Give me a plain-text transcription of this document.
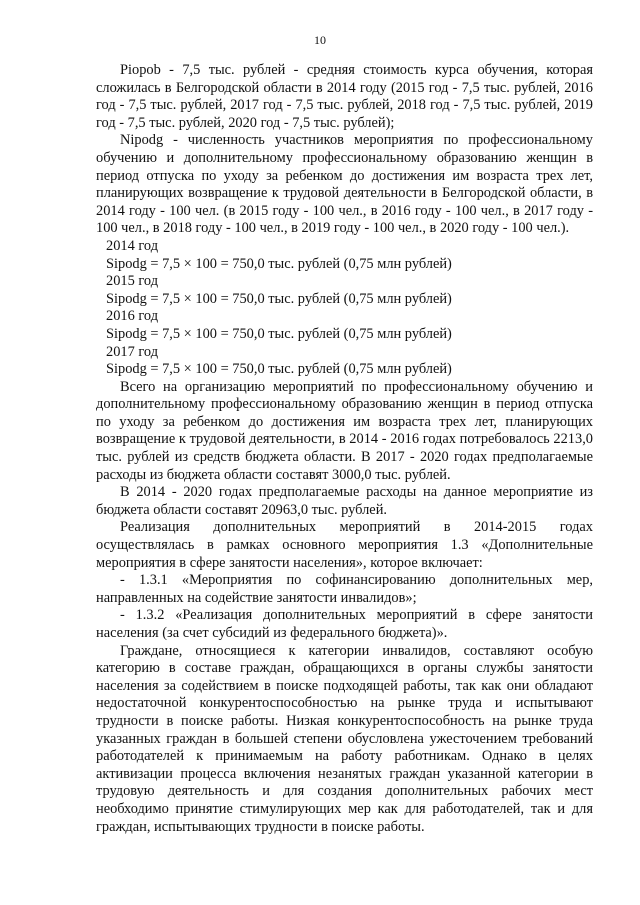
10

Piopob - 7,5 тыс. рублей - средняя стоимость курса обучения, которая сложилась в Белгородской области в 2014 году (2015 год - 7,5 тыс. рублей, 2016 год - 7,5 тыс. рублей, 2017 год - 7,5 тыс. рублей, 2018 год - 7,5 тыс. рублей, 2019 год - 7,5 тыс. рублей, 2020 год - 7,5 тыс. рублей);

Nipodg - численность участников мероприятия по профессиональному обучению и дополнительному профессиональному образованию женщин в период отпуска по уходу за ребенком до достижения им возраста трех лет, планирующих возвращение к трудовой деятельности в Белгородской области, в 2014 году - 100 чел. (в 2015 году - 100 чел., в 2016 году - 100 чел., в 2017 году - 100 чел., в 2018 году - 100 чел., в 2019 году - 100 чел., в 2020 году - 100 чел.).

2014 год
Sipodg = 7,5 × 100 = 750,0 тыс. рублей (0,75 млн рублей)
2015 год
Sipodg = 7,5 × 100 = 750,0 тыс. рублей (0,75 млн рублей)
2016 год
Sipodg = 7,5 × 100 = 750,0 тыс. рублей (0,75 млн рублей)
2017 год
Sipodg = 7,5 × 100 = 750,0 тыс. рублей (0,75 млн рублей)

Всего на организацию мероприятий по профессиональному обучению и дополнительному профессиональному образованию женщин в период отпуска по уходу за ребенком до достижения им возраста трех лет, планирующих возвращение к трудовой деятельности, в 2014 - 2016 годах потребовалось 2213,0 тыс. рублей из средств бюджета области. В 2017 - 2020 годах предполагаемые расходы из бюджета области составят 3000,0 тыс. рублей.

В 2014 - 2020 годах предполагаемые расходы на данное мероприятие из бюджета области составят 20963,0 тыс. рублей.

Реализация дополнительных мероприятий в 2014-2015 годах осуществлялась в рамках основного мероприятия 1.3 «Дополнительные мероприятия в сфере занятости населения», которое включает:

- 1.3.1 «Мероприятия по софинансированию дополнительных мер, направленных на содействие занятости инвалидов»;

- 1.3.2 «Реализация дополнительных мероприятий в сфере занятости населения (за счет субсидий из федерального бюджета)».

Граждане, относящиеся к категории инвалидов, составляют особую категорию в составе граждан, обращающихся в органы службы занятости населения за содействием в поиске подходящей работы, так как они обладают недостаточной конкурентоспособностью на рынке труда и испытывают трудности в поиске работы. Низкая конкурентоспособность на рынке труда указанных граждан в большей степени обусловлена ужесточением требований работодателей к принимаемым на работу работникам. Однако в целях активизации процесса включения незанятых граждан указанной категории в трудовую деятельность и для создания дополнительных рабочих мест необходимо принятие стимулирующих мер как для работодателей, так и для граждан, испытывающих трудности в поиске работы.
